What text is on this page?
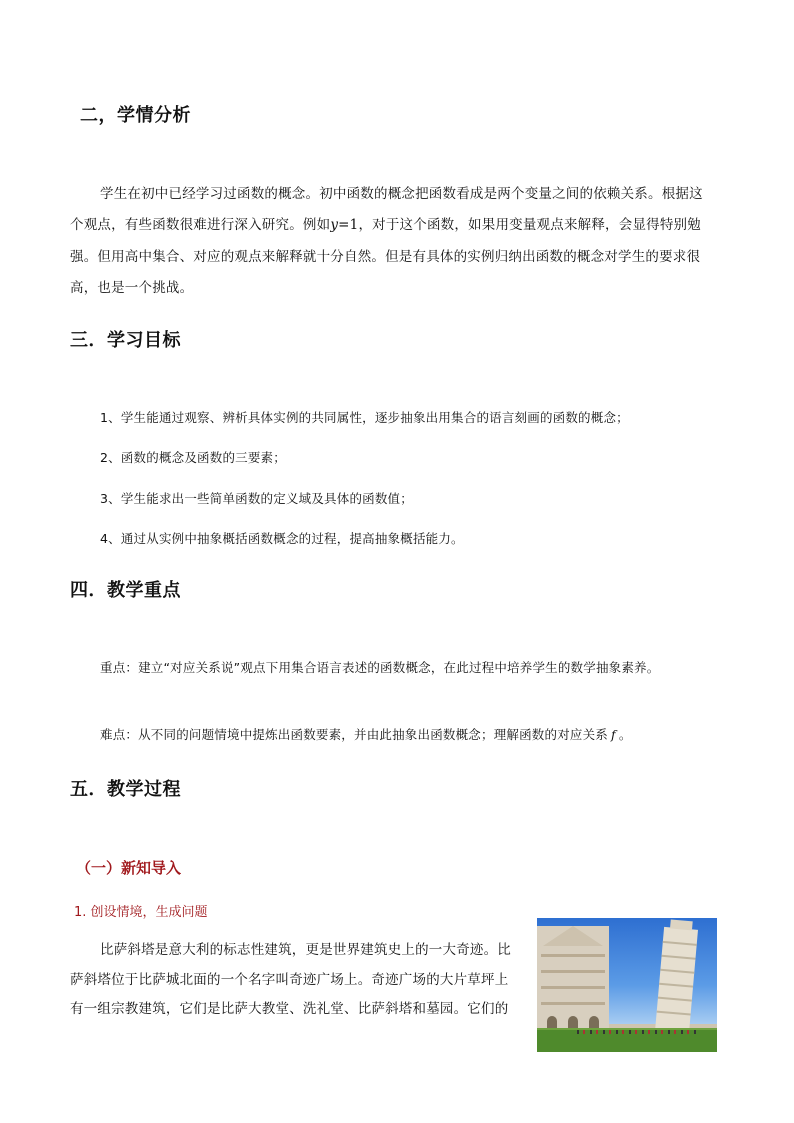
二，学情分析
学生在初中已经学习过函数的概念。初中函数的概念把函数看成是两个变量之间的依赖关系。根据这
个观点，有些函数很难进行深入研究。例如y=1，对于这个函数，如果用变量观点来解释，会显得特别勉
强。但用高中集合、对应的观点来解释就十分自然。但是有具体的实例归纳出函数的概念对学生的要求很
高，也是一个挑战。
三．学习目标
1、学生能通过观察、辨析具体实例的共同属性，逐步抽象出用集合的语言刻画的函数的概念；
2、函数的概念及函数的三要素；
3、学生能求出一些简单函数的定义域及具体的函数值；
4、通过从实例中抽象概括函数概念的过程，提高抽象概括能力。
四．教学重点
重点：建立“对应关系说”观点下用集合语言表述的函数概念，在此过程中培养学生的数学抽象素养。
难点：从不同的问题情境中提炼出函数要素，并由此抽象出函数概念；理解函数的对应关系 f 。
五．教学过程
（一）新知导入
1. 创设情境，生成问题
比萨斜塔是意大利的标志性建筑，更是世界建筑史上的一大奇迹。比
萨斜塔位于比萨城北面的一个名字叫奇迹广场上。奇迹广场的大片草坪上
有一组宗教建筑，它们是比萨大教堂、洗礼堂、比萨斜塔和墓园。它们的
